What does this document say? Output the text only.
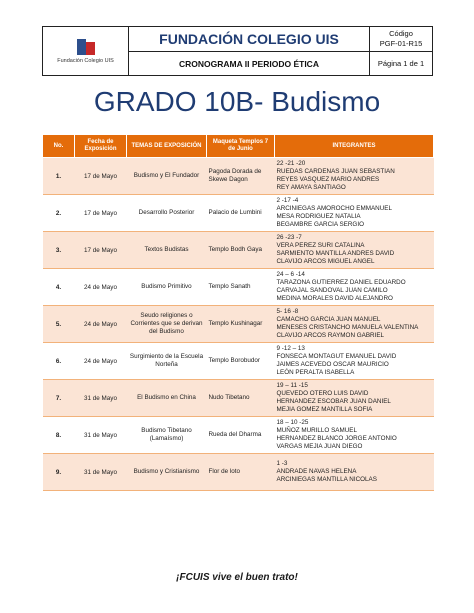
Fundación Colegio UIS	FUNDACIÓN COLEGIO UIS	Código
PGF-01-R15

	CRONOGRAMA II PERIODO ÉTICA	Página 1 de 1
GRADO 10B- Budismo
No.	Fecha de Exposición	TEMAS DE EXPOSICIÓN	Maqueta Templos 7 de Junio	INTEGRANTES
1.	17 de Mayo	Budismo y El Fundador	Pagoda Dorada de Skewe Dagon	22 -21 -20
RUEDAS CARDENAS JUAN SEBASTIAN
REYES VASQUEZ MARIO ANDRES
REY AMAYA SANTIAGO

2.	17 de Mayo	Desarrollo Posterior	Palacio de Lumbini	2 -17 -4
ARCINIEGAS AMOROCHO EMMANUEL
MESA RODRIGUEZ NATALIA
BEGAMBRE GARCIA SERGIO

3.	17 de Mayo	Textos Budistas	Templo Bodh Gaya	26 -23 -7
VERA PEREZ SURI CATALINA
SARMIENTO MANTILLA ANDRES DAVID
CLAVIJO ARCOS MIGUEL ANGEL

4.	24 de Mayo	Budismo Primitivo	Templo Sanath	24 – 6 -14
TARAZONA GUTIERREZ DANIEL EDUARDO
CARVAJAL SANDOVAL JUAN CAMILO
MEDINA MORALES DAVID ALEJANDRO

5.	24 de Mayo	Seudo religiones o Corrientes que se derivan del Budismo	Templo Kushinagar	5- 16 -8
CAMACHO GARCIA JUAN MANUEL
MENESES CRISTANCHO MANUELA VALENTINA
CLAVIJO ARCOS RAYMON GABRIEL

6.	24 de Mayo	Surgimiento de la Escuela Norteña	Templo Borobudor	9 -12 – 13
FONSECA MONTAGUT EMANUEL DAVID
JAIMES ACEVEDO OSCAR MAURICIO
LEÓN PERALTA ISABELLA

7.	31 de Mayo	El Budismo en China	Nudo Tibetano	19 – 11 -15
QUEVEDO OTERO LUIS DAVID
HERNANDEZ ESCOBAR JUAN DANIEL
MEJIA GOMEZ MANTILLA SOFIA

8.	31 de Mayo	Budismo Tibetano (Lamaísmo)	Rueda del Dharma	18 – 10 -25
MUÑOZ MURILLO SAMUEL
HERNANDEZ BLANCO JORGE ANTONIO
VARGAS MEJIA JUAN DIEGO

9.	31 de Mayo	Budismo y Cristianismo	Flor de loto	1 -3
ANDRADE NAVAS HELENA
ARCINIEGAS MANTILLA NICOLAS
¡FCUIS vive el buen trato!
